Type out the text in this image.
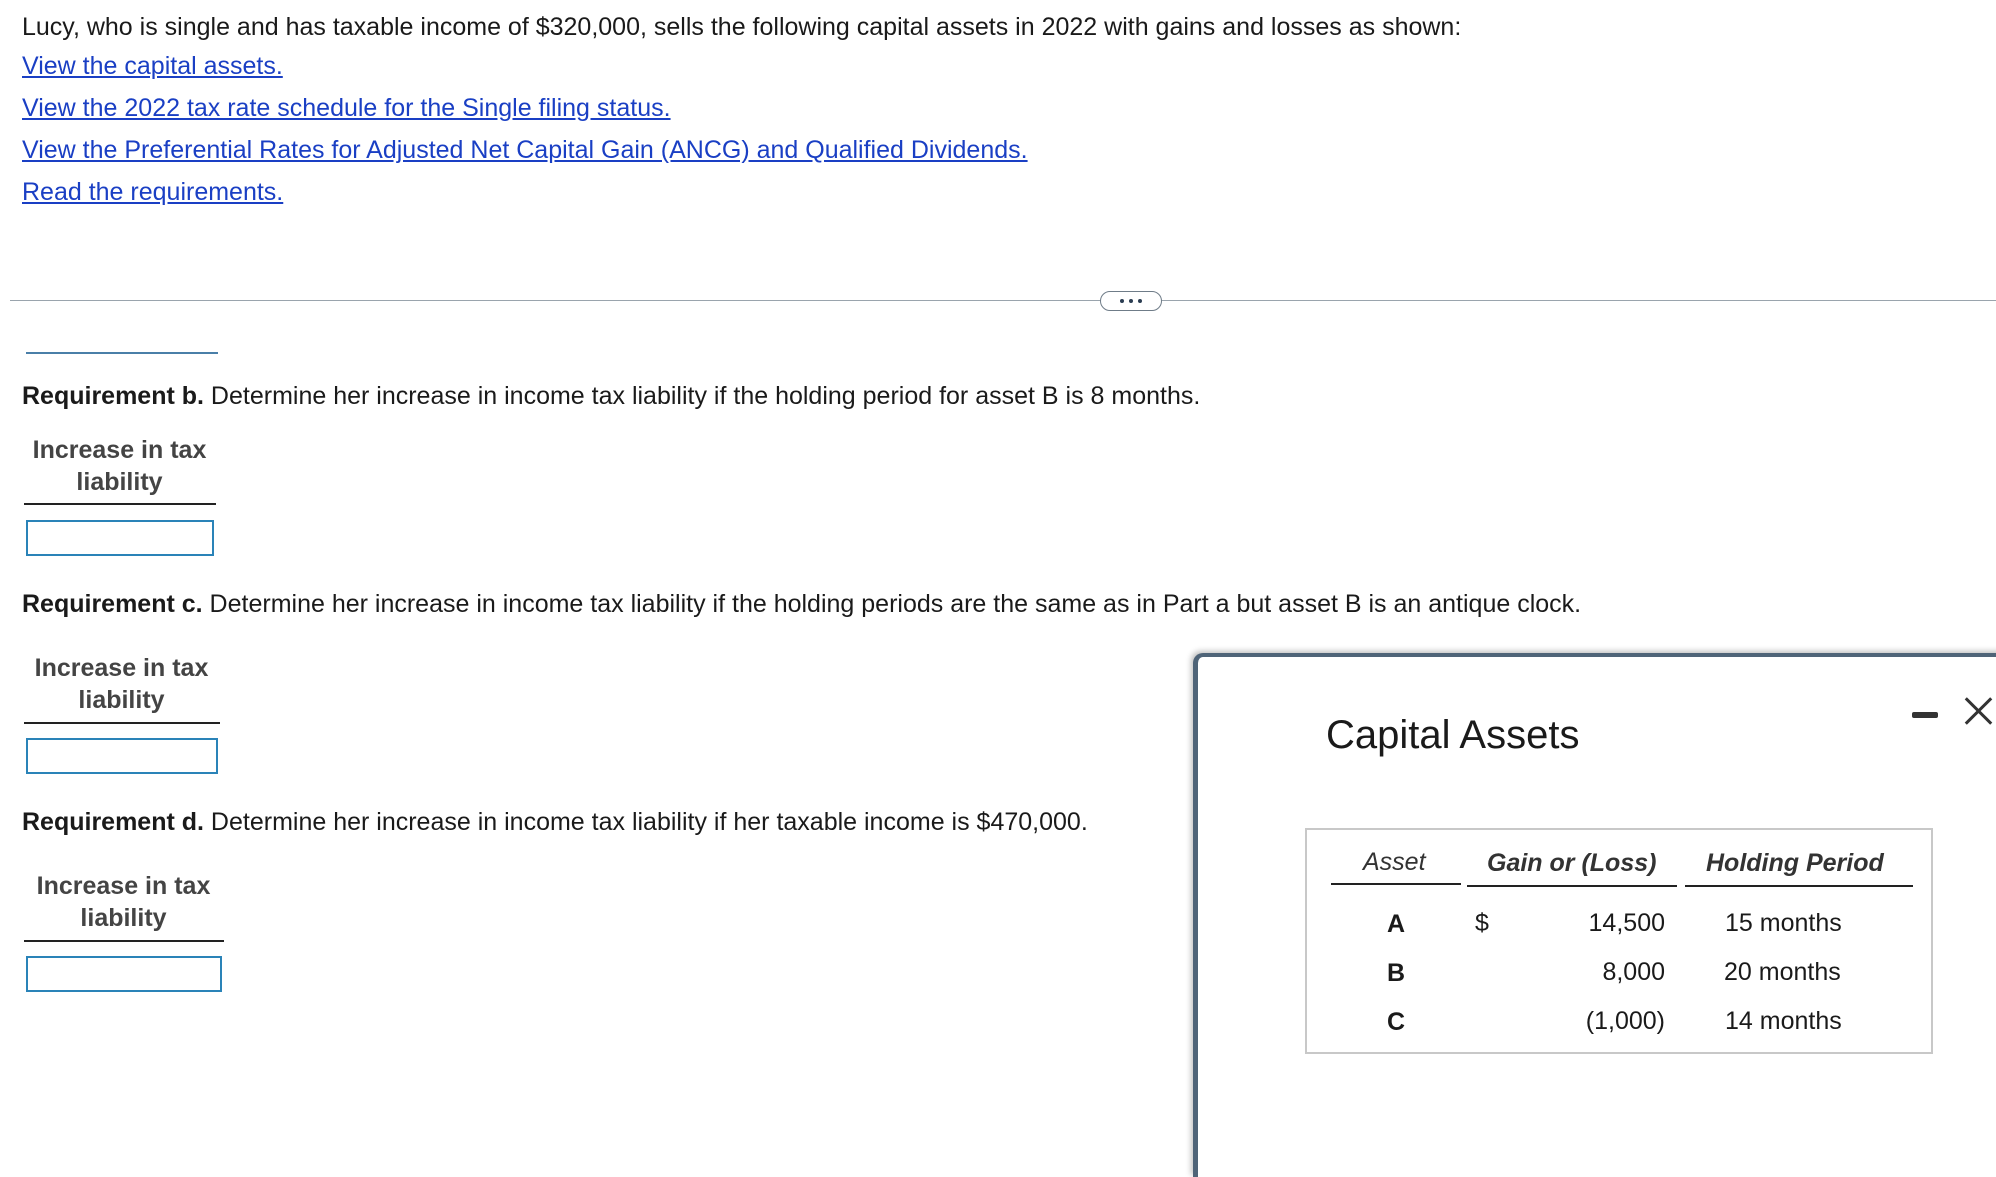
Lucy, who is single and has taxable income of $320,000, sells the following capital assets in 2022 with gains and losses as shown:
View the capital assets.
View the 2022 tax rate schedule for the Single filing status.
View the Preferential Rates for Adjusted Net Capital Gain (ANCG) and Qualified Dividends.
Read the requirements.
Requirement b. Determine her increase in income tax liability if the holding period for asset B is 8 months.
Increase in tax liability
Requirement c. Determine her increase in income tax liability if the holding periods are the same as in Part a but asset B is an antique clock.
Increase in tax liability
Requirement d. Determine her increase in income tax liability if her taxable income is $470,000.
Increase in tax liability
Capital Assets
Asset Gain or (Loss) Holding Period
A	$	14,500 15 months
B	8,000 20 months
C	(1,000) 14 months
